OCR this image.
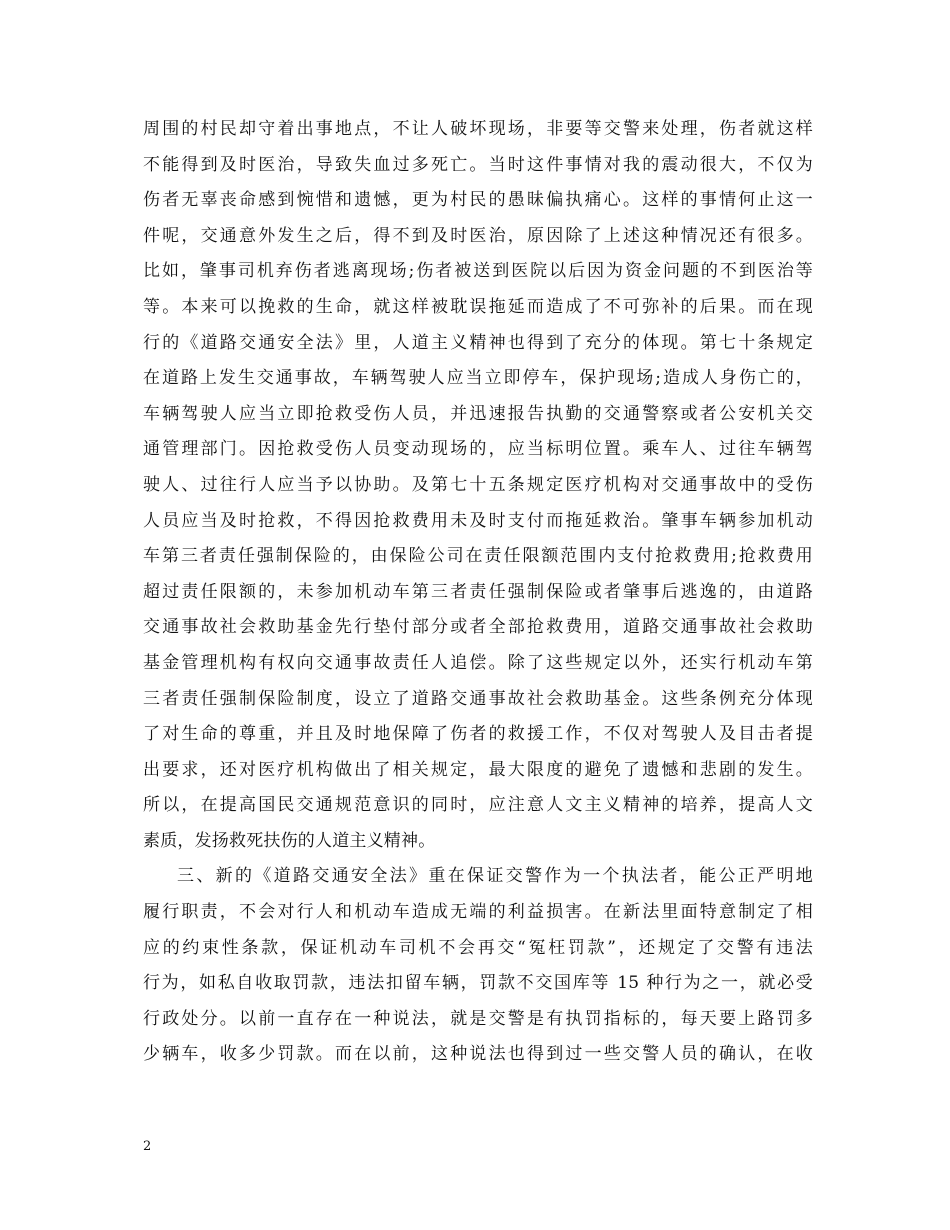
周围的村民却守着出事地点，不让人破坏现场，非要等交警来处理，伤者就这样
不能得到及时医治，导致失血过多死亡。当时这件事情对我的震动很大，不仅为
伤者无辜丧命感到惋惜和遗憾，更为村民的愚昧偏执痛心。这样的事情何止这一
件呢，交通意外发生之后，得不到及时医治，原因除了上述这种情况还有很多。
比如，肇事司机弃伤者逃离现场;伤者被送到医院以后因为资金问题的不到医治等
等。本来可以挽救的生命，就这样被耽误拖延而造成了不可弥补的后果。而在现
行的《道路交通安全法》里，人道主义精神也得到了充分的体现。第七十条规定
在道路上发生交通事故，车辆驾驶人应当立即停车，保护现场;造成人身伤亡的，
车辆驾驶人应当立即抢救受伤人员，并迅速报告执勤的交通警察或者公安机关交
通管理部门。因抢救受伤人员变动现场的，应当标明位置。乘车人、过往车辆驾
驶人、过往行人应当予以协助。及第七十五条规定医疗机构对交通事故中的受伤
人员应当及时抢救，不得因抢救费用未及时支付而拖延救治。肇事车辆参加机动
车第三者责任强制保险的，由保险公司在责任限额范围内支付抢救费用;抢救费用
超过责任限额的，未参加机动车第三者责任强制保险或者肇事后逃逸的，由道路
交通事故社会救助基金先行垫付部分或者全部抢救费用，道路交通事故社会救助
基金管理机构有权向交通事故责任人追偿。除了这些规定以外，还实行机动车第
三者责任强制保险制度，设立了道路交通事故社会救助基金。这些条例充分体现
了对生命的尊重，并且及时地保障了伤者的救援工作，不仅对驾驶人及目击者提
出要求，还对医疗机构做出了相关规定，最大限度的避免了遗憾和悲剧的发生。
所以，在提高国民交通规范意识的同时，应注意人文主义精神的培养，提高人文
素质，发扬救死扶伤的人道主义精神。
三、新的《道路交通安全法》重在保证交警作为一个执法者，能公正严明地
履行职责，不会对行人和机动车造成无端的利益损害。在新法里面特意制定了相
应的约束性条款，保证机动车司机不会再交“冤枉罚款”，还规定了交警有违法
行为，如私自收取罚款，违法扣留车辆，罚款不交国库等 15 种行为之一，就必受
行政处分。以前一直存在一种说法，就是交警是有执罚指标的，每天要上路罚多
少辆车，收多少罚款。而在以前，这种说法也得到过一些交警人员的确认，在收
2
